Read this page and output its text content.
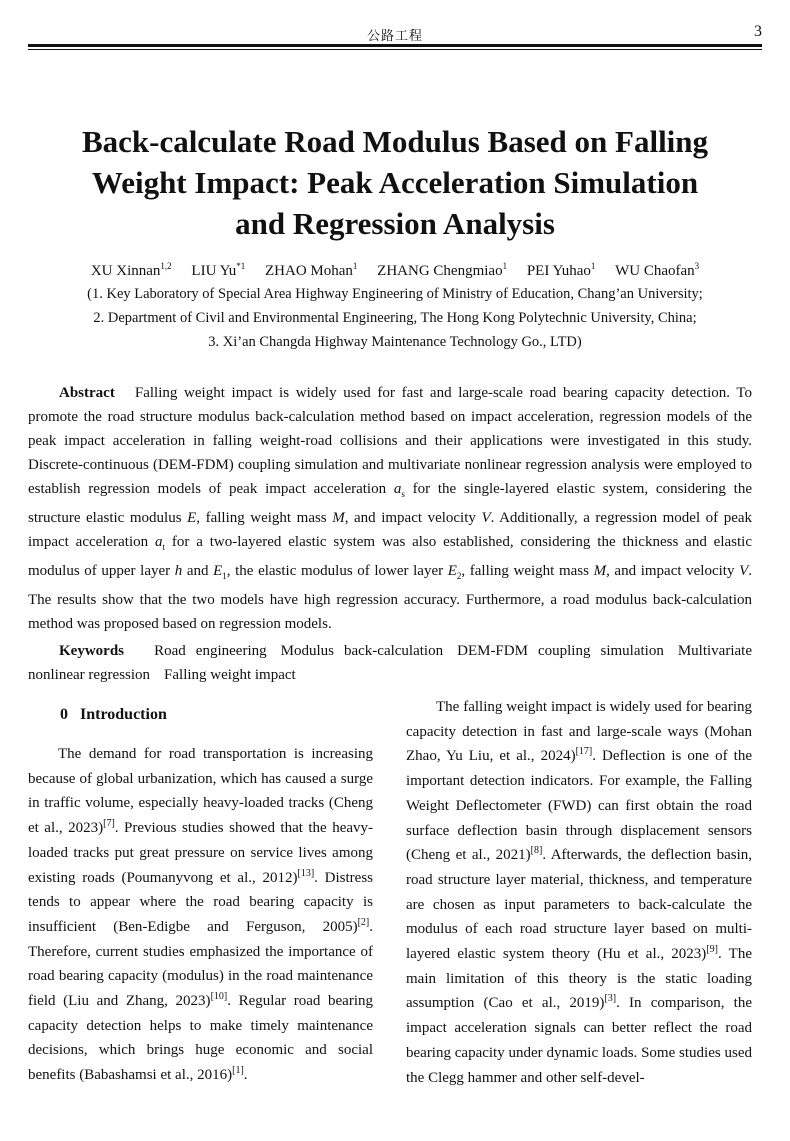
公路工程	3
Back-calculate Road Modulus Based on Falling
Weight Impact: Peak Acceleration Simulation
and Regression Analysis
XU Xinnan$^{1,2}$ LIU Yu$^{*1}$ ZHAO Mohan$^1$ ZHANG Chengmiao$^1$ PEI Yuhao$^1$ WU Chaofan$^3$
(1. Key Laboratory of Special Area Highway Engineering of Ministry of Education, Chang’an University;
2. Department of Civil and Environmental Engineering, The Hong Kong Polytechnic University, China;
3. Xi’an Changda Highway Maintenance Technology Go., LTD)

Abstract Falling weight impact is widely used for fast and large-scale road bearing capacity detection. To promote the road structure modulus back-calculation method based on impact acceleration, regression models of the peak impact acceleration in falling weight-road collisions and their applications were investigated in this study. Discrete-continuous (DEM-FDM) coupling simulation and multivariate nonlinear regression analysis were employed to establish regression models of peak impact acceleration $a_s$ for the single-layered elastic system, considering the structure elastic modulus E, falling weight mass M, and impact velocity V. Additionally, a regression model of peak impact acceleration $a_t$ for a two-layered elastic system was also established, considering the thickness and elastic modulus of upper layer h and $E_1$, the elastic modulus of lower layer $E_2$, falling weight mass M, and impact velocity V. The results show that the two models have high regression accuracy. Furthermore, a road modulus back-calculation method was proposed based on regression models.

Keywords Road engineering Modulus back-calculation DEM-FDM coupling simulation Multivariate nonlinear regression Falling weight impact

0 Introduction

The demand for road transportation is increasing because of global urbanization, which has caused a surge in traffic volume, especially heavy-loaded tracks (Cheng et al., 2023)[7]. Previous studies showed that the heavy-loaded tracks put great pressure on service lives among existing roads (Poumanyvong et al., 2012)[13]. Distress tends to appear where the road bearing capacity is insufficient (Ben-Edigbe and Ferguson, 2005)[2]. Therefore, current studies emphasized the importance of road bearing capacity (modulus) in the road maintenance field (Liu and Zhang, 2023)[10]. Regular road bearing capacity detection helps to make timely maintenance decisions, which brings huge economic and social benefits (Babashamsi et al., 2016)[1].

The falling weight impact is widely used for bearing capacity detection in fast and large-scale ways (Mohan Zhao, Yu Liu, et al., 2024)[17]. Deflection is one of the important detection indicators. For example, the Falling Weight Deflectometer (FWD) can first obtain the road surface deflection basin through displacement sensors (Cheng et al., 2021)[8]. Afterwards, the deflection basin, road structure layer material, thickness, and temperature are chosen as input parameters to back-calculate the modulus of each road structure layer based on multi-layered elastic system theory (Hu et al., 2023)[9]. The main limitation of this theory is the static loading assumption (Cao et al., 2019)[3]. In comparison, the impact acceleration signals can better reflect the road bearing capacity under dynamic loads. Some studies used the Clegg hammer and other self-devel-
